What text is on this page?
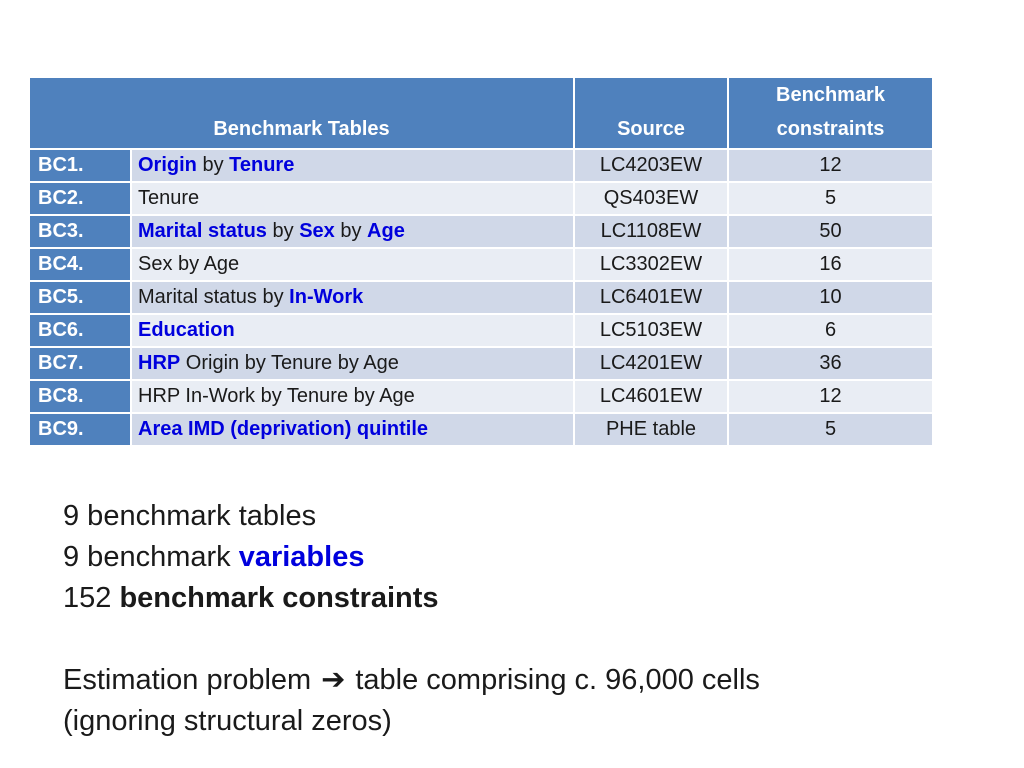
Benchmark Tables		Source	Benchmark
constraints
BC1.	Origin by Tenure	LC4203EW	12
BC2.	Tenure	QS403EW	5
BC3.	Marital status by Sex by Age	LC1108EW	50
BC4.	Sex by Age	LC3302EW	16
BC5.	Marital status by In-Work	LC6401EW	10
BC6.	Education	LC5103EW	6
BC7.	HRP Origin by Tenure by Age	LC4201EW	36
BC8.	HRP In-Work by Tenure by Age	LC4601EW	12
BC9.	Area IMD (deprivation) quintile	PHE table	5
9 benchmark tables
9 benchmark variables
152 benchmark constraints
Estimation problem ➔ table comprising c. 96,000 cells
(ignoring structural zeros)
